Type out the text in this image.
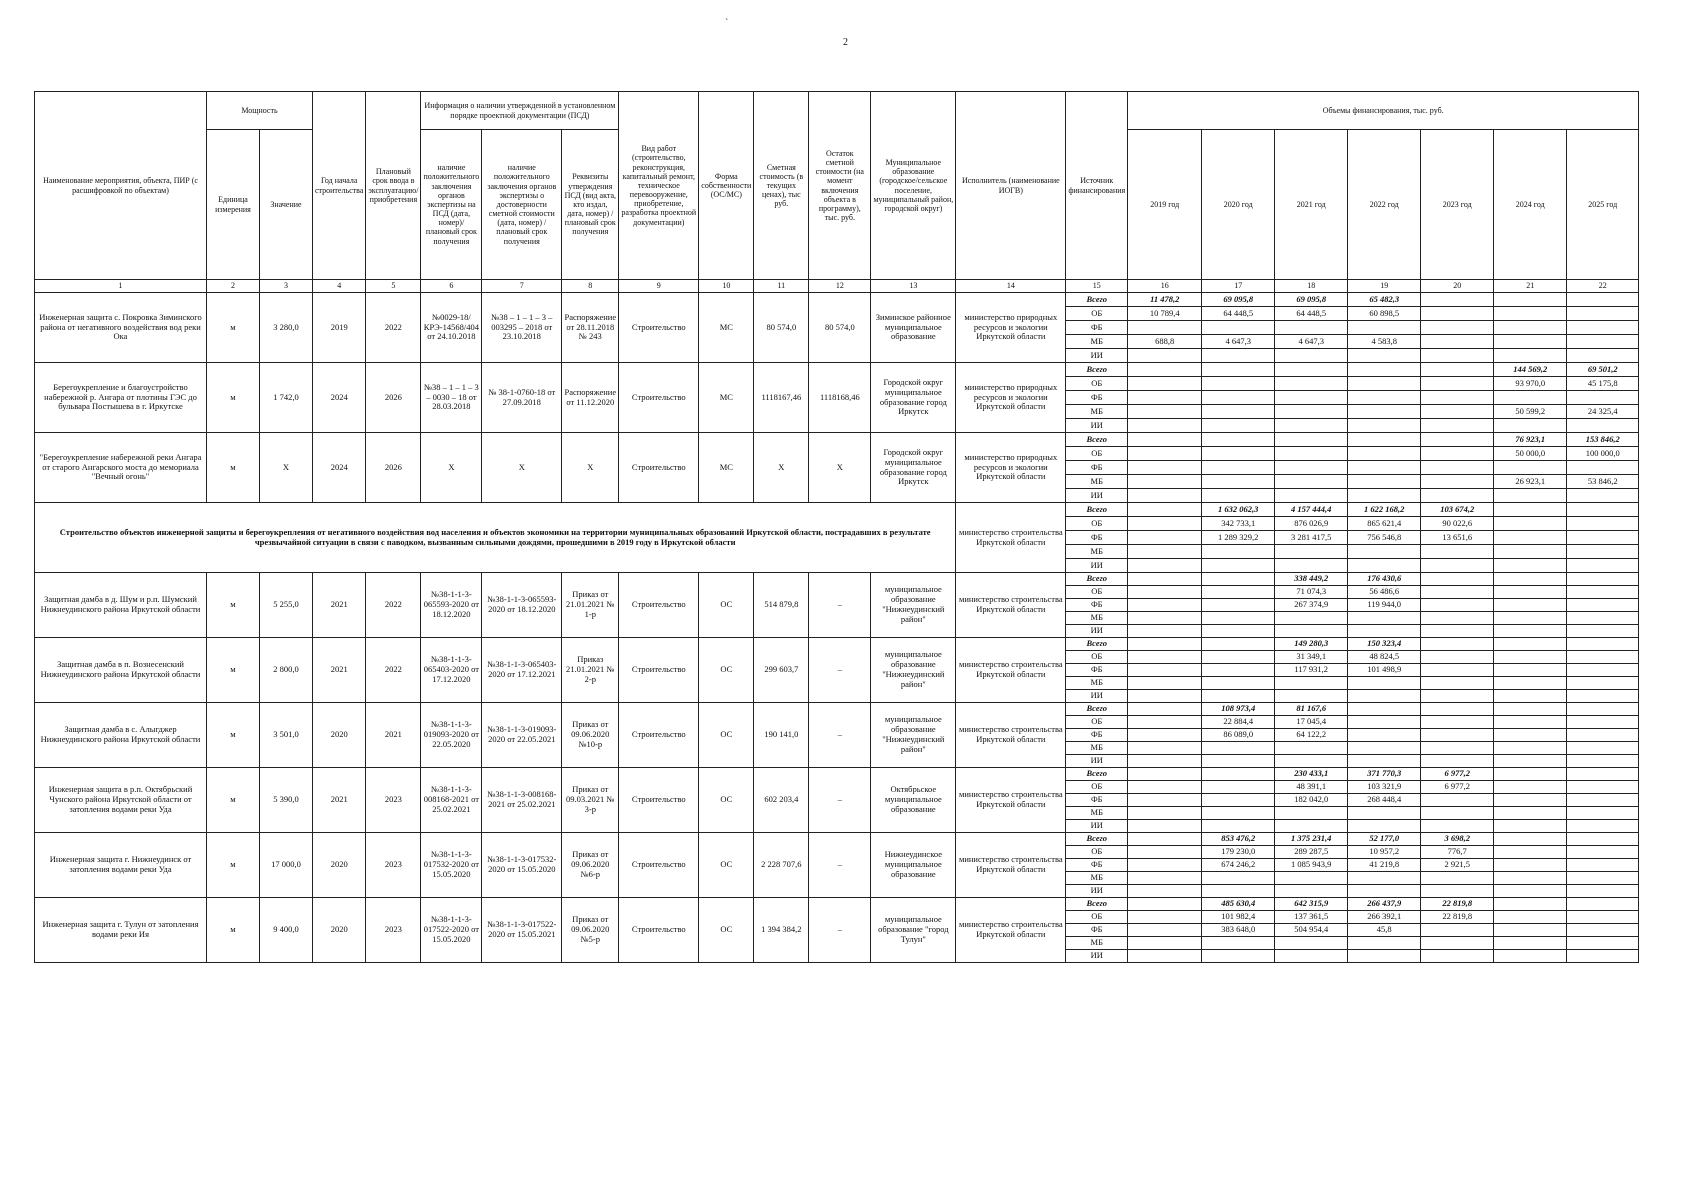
`
2
Наименование мероприятия, объекта, ПИР (с расшифровкой по объектам)	Мощность		Год начала строительства	Плановый срок ввода в эксплуатацию/приобретения	Информация о наличии утвержденной в установленном порядке проектной документации (ПСД)			Вид работ (строительство, реконструкция, капитальный ремонт, техническое перевооружение, приобретение, разработка проектной документации)	Форма собственности (ОС/МС)	Сметная стоимость (в текущих ценах), тыс руб.	Остаток сметной стоимости (на момент включения объекта в программу), тыс. руб.	Муниципальное образование (городское/сельское поселение, муниципальный район, городской округ)	Исполнитель (наименование ИОГВ)	Источник финансирования	Объемы финансирования, тыс. руб.						
	Единица измерения	Значение			наличие положительного заключения органов экспертизы на ПСД (дата, номер)/плановый срок получения	наличие положительного заключения органов экспертизы о достоверности сметной стоимости (дата, номер) / плановый срок получения	Реквизиты утверждения ПСД (вид акта, кто издал, дата, номер) / плановый срок получения								2019 год	2020 год	2021 год	2022 год	2023 год	2024 год	2025 год

1	2	3	4	5	6	7	8	9	10	11	12	13	14	15	16	17	18	19	20	21	22
Инженерная защита с. Покровка Зиминского района от негативного воздействия вод реки Ока	м	3 280,0	2019	2022	№0029-18/КРЭ-14568/404 от 24.10.2018	№38 – 1 – 1 – 3 – 003295 – 2018 от 23.10.2018	Распоряжение от 28.11.2018 № 243	Строительство	МС	80 574,0	80 574,0	Зиминское районное муниципальное образование	министерство природных ресурсов и экологии Иркутской области	Всего	11 478,2	69 095,8	69 095,8	65 482,3			
														ОБ	10 789,4	64 448,5	64 448,5	60 898,5			
														ФБ							
														МБ	688,8	4 647,3	4 647,3	4 583,8			
														ИИ							
Берегоукрепление и благоустройство набережной р. Ангара от плотины ГЭС до бульвара Постышева в г. Иркутске	м	1 742,0	2024	2026	№38 – 1 – 1 – 3 – 0030 – 18 от 28.03.2018	№ 38-1-0760-18 от 27.09.2018	Распоряжение от 11.12.2020	Строительство	МС	1118167,46	1118168,46	Городской округ муниципальное образование город Иркутск	министерство природных ресурсов и экологии Иркутской области	Всего						144 569,2	69 501,2
														ОБ						93 970,0	45 175,8
														ФБ							
														МБ						50 599,2	24 325,4
														ИИ							
"Берегоукрепление набережной реки Ангара от старого Ангарского моста до мемориала "Вечный огонь"	м	Х	2024	2026	Х	Х	Х	Строительство	МС	Х	Х	Городской округ муниципальное образование город Иркутск	министерство природных ресурсов и экологии Иркутской области	Всего						76 923,1	153 846,2
														ОБ						50 000,0	100 000,0
														ФБ							
														МБ						26 923,1	53 846,2
														ИИ							
Строительство объектов инженерной защиты и берегоукрепления от негативного воздействия вод населения и объектов экономики на территории муниципальных образований Иркутской области, пострадавших в результате чрезвычайной ситуации в связи с паводком, вызванным сильными дождями, прошедшими в 2019 году в Иркутской области													министерство строительства Иркутской области	Всего		1 632 062,3	4 157 444,4	1 622 168,2	103 674,2		
														ОБ		342 733,1	876 026,9	865 621,4	90 022,6		
														ФБ		1 289 329,2	3 281 417,5	756 546,8	13 651,6		
														МБ							
														ИИ							
Защитная дамба в д. Шум и р.п. Шумский Нижнеудинского района Иркутской области	м	5 255,0	2021	2022	№38-1-1-3-065593-2020 от 18.12.2020	№38-1-1-3-065593-2020 от 18.12.2020	Приказ от 21.01.2021 № 1-р	Строительство	ОС	514 879,8	–	муниципальное образование "Нижнеудинский район"	министерство строительства Иркутской области	Всего			338 449,2	176 430,6			
														ОБ			71 074,3	56 486,6			
														ФБ			267 374,9	119 944,0			
														МБ							
														ИИ							
Защитная дамба в п. Вознесенский Нижнеудинского района Иркутской области	м	2 800,0	2021	2022	№38-1-1-3-065403-2020 от 17.12.2020	№38-1-1-3-065403-2020 от 17.12.2021	Приказ 21.01.2021 № 2-р	Строительство	ОС	299 603,7	–	муниципальное образование "Нижнеудинский район"	министерство строительства Иркутской области	Всего			149 280,3	150 323,4			
														ОБ			31 349,1	48 824,5			
														ФБ			117 931,2	101 498,9			
														МБ							
														ИИ							
Защитная дамба в с. Алыгджер Нижнеудинского района Иркутской области	м	3 501,0	2020	2021	№38-1-1-3-019093-2020 от 22.05.2020	№38-1-1-3-019093-2020 от 22.05.2021	Приказ от 09.06.2020 №10-р	Строительство	ОС	190 141,0	–	муниципальное образование "Нижнеудинский район"	министерство строительства Иркутской области	Всего		108 973,4	81 167,6				
														ОБ		22 884,4	17 045,4				
														ФБ		86 089,0	64 122,2				
														МБ							
														ИИ							
Инженерная защита в р.п. Октябрьский Чунского района Иркутской области от затопления водами реки Уда	м	5 390,0	2021	2023	№38-1-1-3-008168-2021 от 25.02.2021	№38-1-1-3-008168-2021 от 25.02.2021	Приказ от 09.03.2021 № 3-р	Строительство	ОС	602 203,4	–	Октябрьское муниципальное образование	министерство строительства Иркутской области	Всего			230 433,1	371 770,3	6 977,2		
														ОБ			48 391,1	103 321,9	6 977,2		
														ФБ			182 042,0	268 448,4			
														МБ							
														ИИ							
Инженерная защита г. Нижнеудинск от затопления водами реки Уда	м	17 000,0	2020	2023	№38-1-1-3-017532-2020 от 15.05.2020	№38-1-1-3-017532-2020 от 15.05.2020	Приказ от 09.06.2020 №6-р	Строительство	ОС	2 228 707,6	–	Нижнеудинское муниципальное образование	министерство строительства Иркутской области	Всего		853 476,2	1 375 231,4	52 177,0	3 698,2		
														ОБ		179 230,0	289 287,5	10 957,2	776,7		
														ФБ		674 246,2	1 085 943,9	41 219,8	2 921,5		
														МБ							
														ИИ							
Инженерная защита г. Тулун от затопления водами реки Ия	м	9 400,0	2020	2023	№38-1-1-3-017522-2020 от 15.05.2020	№38-1-1-3-017522-2020 от 15.05.2021	Приказ от 09.06.2020 №5-р	Строительство	ОС	1 394 384,2	–	муниципальное образование "город Тулун"	министерство строительства Иркутской области	Всего		485 630,4	642 315,9	266 437,9	22 819,8		
														ОБ		101 982,4	137 361,5	266 392,1	22 819,8		
														ФБ		383 648,0	504 954,4	45,8			
														МБ							
														ИИ							
